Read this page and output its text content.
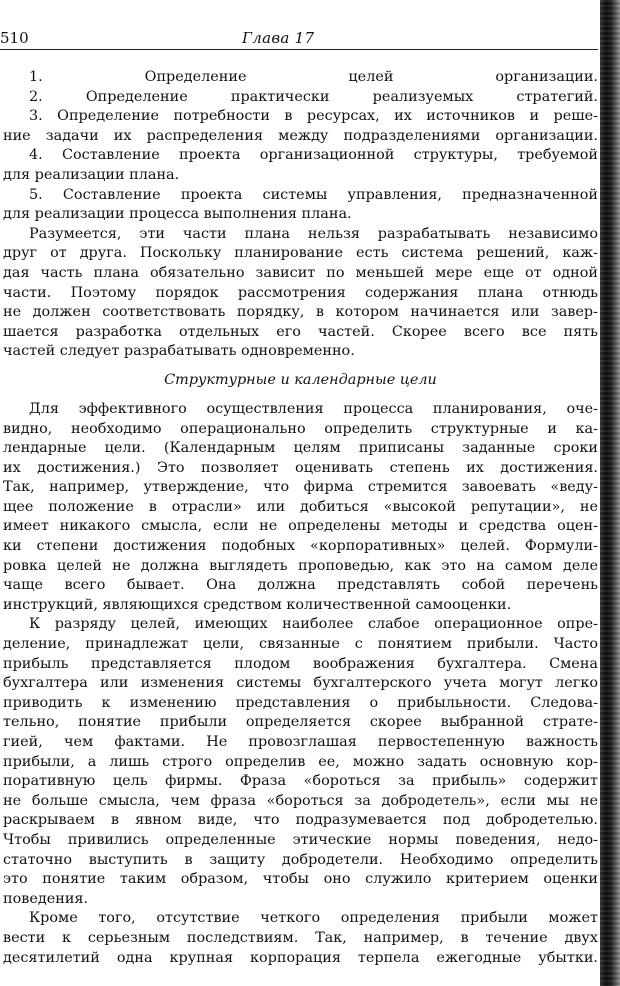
510	Глава 17
1. Определение целей организации.
2. Определение практически реализуемых стратегий.
3. Определение потребности в ресурсах, их источников и реше-
ние задачи их распределения между подразделениями организации.
4. Составление проекта организационной структуры, требуемой
для реализации плана.
5. Составление проекта системы управления, предназначенной
для реализации процесса выполнения плана.
Разумеется, эти части плана нельзя разрабатывать независимо
друг от друга. Поскольку планирование есть система решений, каж-
дая часть плана обязательно зависит по меньшей мере еще от одной
части. Поэтому порядок рассмотрения содержания плана отнюдь
не должен соответствовать порядку, в котором начинается или завер-
шается разработка отдельных его частей. Скорее всего все пять
частей следует разрабатывать одновременно.
Структурные и календарные цели
Для эффективного осуществления процесса планирования, оче-
видно, необходимо операционально определить структурные и ка-
лендарные цели. (Календарным целям приписаны заданные сроки
их достижения.) Это позволяет оценивать степень их достижения.
Так, например, утверждение, что фирма стремится завоевать «веду-
щее положение в отрасли» или добиться «высокой репутации», не
имеет никакого смысла, если не определены методы и средства оцен-
ки степени достижения подобных «корпоративных» целей. Формули-
ровка целей не должна выглядеть проповедью, как это на самом деле
чаще всего бывает. Она должна представлять собой перечень
инструкций, являющихся средством количественной самооценки.
К разряду целей, имеющих наиболее слабое операционное опре-
деление, принадлежат цели, связанные с понятием прибыли. Часто
прибыль представляется плодом воображения бухгалтера. Смена
бухгалтера или изменения системы бухгалтерского учета могут легко
приводить к изменению представления о прибыльности. Следова-
тельно, понятие прибыли определяется скорее выбранной страте-
гией, чем фактами. Не провозглашая первостепенную важность
прибыли, а лишь строго определив ее, можно задать основную кор-
поративную цель фирмы. Фраза «бороться за прибыль» содержит
не больше смысла, чем фраза «бороться за добродетель», если мы не
раскрываем в явном виде, что подразумевается под добродетелью.
Чтобы привились определенные этические нормы поведения, недо-
статочно выступить в защиту добродетели. Необходимо определить
это понятие таким образом, чтобы оно служило критерием оценки
поведения.
Кроме того, отсутствие четкого определения прибыли может
вести к серьезным последствиям. Так, например, в течение двух
десятилетий одна крупная корпорация терпела ежегодные убытки.
